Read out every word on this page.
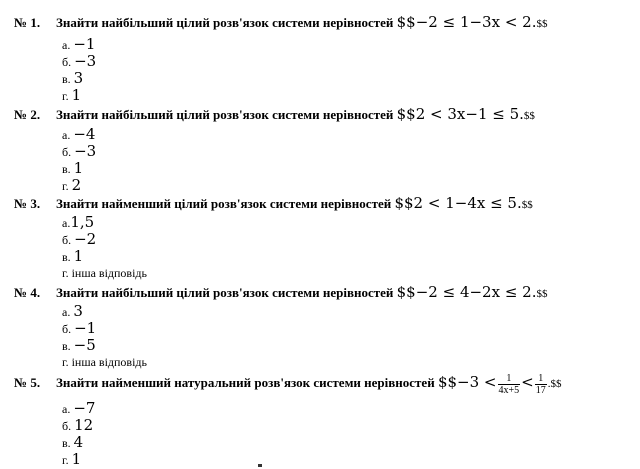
№ 1. Знайти найбільший цілий розв'язок системи нерівностей $$−2 ≤ 1−3x < 2.$$
а. −1
б. −3
в. 3
г. 1
№ 2. Знайти найбільший цілий розв'язок системи нерівностей $$2 < 3x−1 ≤ 5.$$
а. −4
б. −3
в. 1
г. 2
№ 3. Знайти найменший цілий розв'язок системи нерівностей $$2 < 1−4x ≤ 5.$$
а.1,5
б. −2
в. 1
г. інша відповідь
№ 4. Знайти найбільший цілий розв'язок системи нерівностей $$−2 ≤ 4−2x ≤ 2.$$
а. 3
б. −1
в. −5
г. інша відповідь
№ 5. Знайти найменший натуральний розв'язок системи нерівностей $$−3 < $\frac{1}{4x+5} < \frac{1}{17}$ .$$
а. −7
б. 12
в. 4
г. 1
